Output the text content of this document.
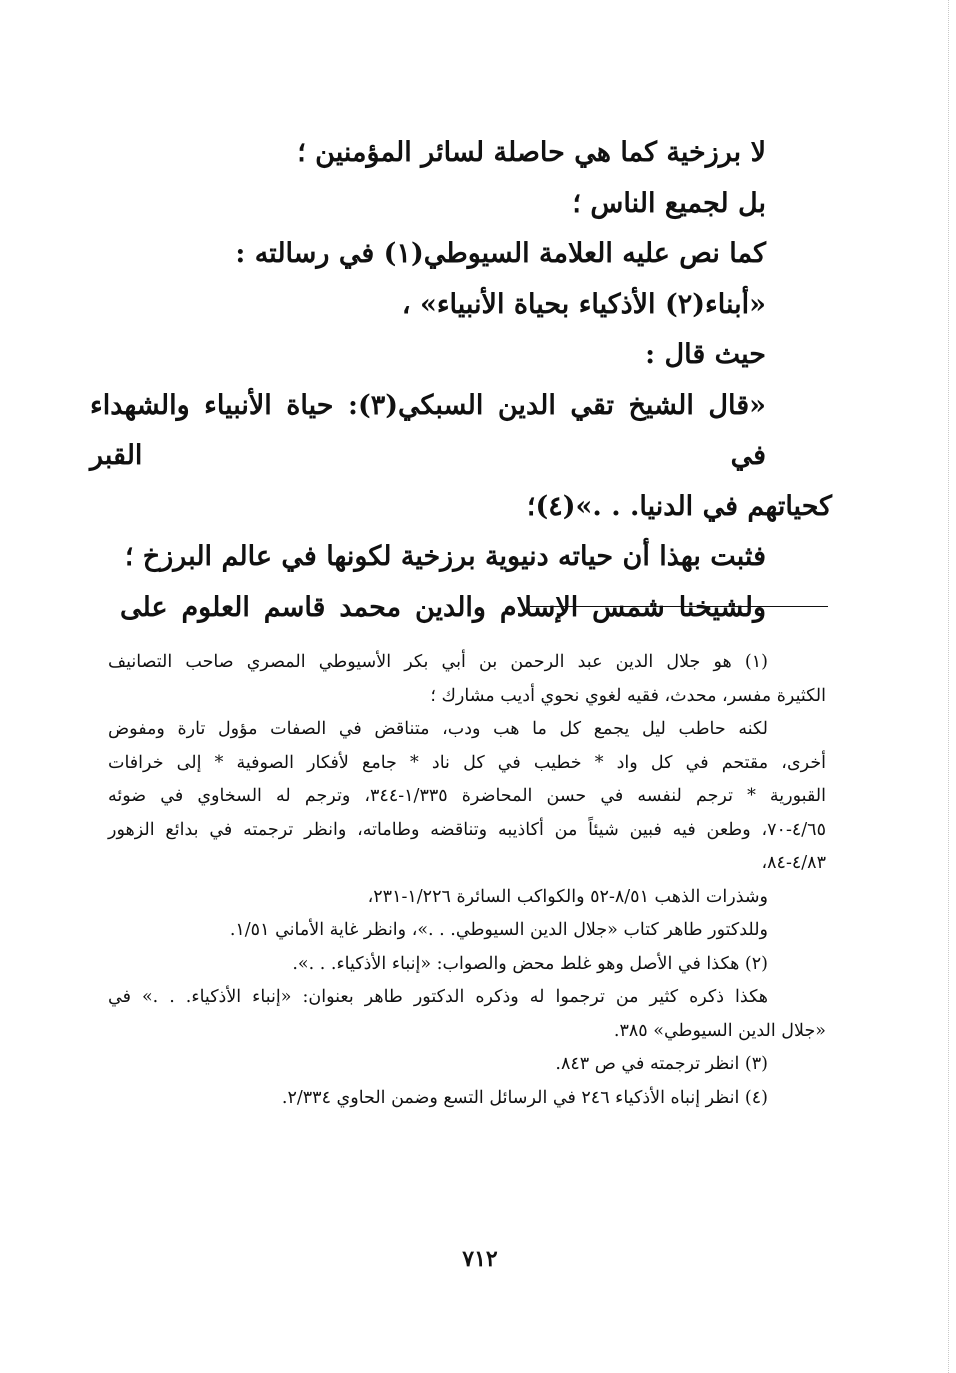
لا برزخية كما هي حاصلة لسائر المؤمنين ؛
بل لجميع الناس ؛
كما نص عليه العلامة السيوطي(١) في رسالته :
«أبناء(٢) الأذكياء بحياة الأنبياء» ،
حيث قال :
«قال الشيخ تقي الدين السبكي(٣): حياة الأنبياء والشهداء في القبر
كحياتهم في الدنيا. . .»(٤)؛
فثبت بهذا أن حياته دنيوية برزخية لكونها في عالم البرزخ ؛
ولشيخنا شمس الإسلام والدين محمد قاسم العلوم على
(١) هو جلال الدين عبد الرحمن بن أبي بكر الأسيوطي المصري صاحب التصانيف
الكثيرة مفسر، محدث، فقيه لغوي نحوي أديب مشارك ؛
لكنه حاطب ليل يجمع كل ما هب ودب، متناقض في الصفات مؤول تارة ومفوض
أخرى، مقتحم في كل واد * خطيب في كل ناد * جامع لأفكار الصوفية * إلى خرافات
القبورية * ترجم لنفسه في حسن المحاضرة ١/٣٣٥-٣٤٤، وترجم له السخاوي في ضوئه
٤/٦٥-٧٠، وطعن فيه فبين شيئاً من أكاذيبه وتناقضه وطاماته، وانظر ترجمته في بدائع الزهور
٤/٨٣-٨٤،
وشذرات الذهب ٨/٥١-٥٢ والكواكب السائرة ١/٢٢٦-٢٣١،
وللدكتور طاهر كتاب «جلال الدين السيوطي. . .»، وانظر غاية الأماني ١/٥١.
(٢) هكذا في الأصل وهو غلط محض والصواب: «إنباء الأذكياء. . .».
هكذا ذكره كثير من ترجموا له وذكره الدكتور طاهر بعنوان: «إنباء الأذكياء. . .» في
«جلال الدين السيوطي» ٣٨٥.
(٣) انظر ترجمته في ص ٨٤٣.
(٤) انظر إنباه الأذكياء ٢٤٦ في الرسائل التسع وضمن الحاوي ٢/٣٣٤.
٧١٢
